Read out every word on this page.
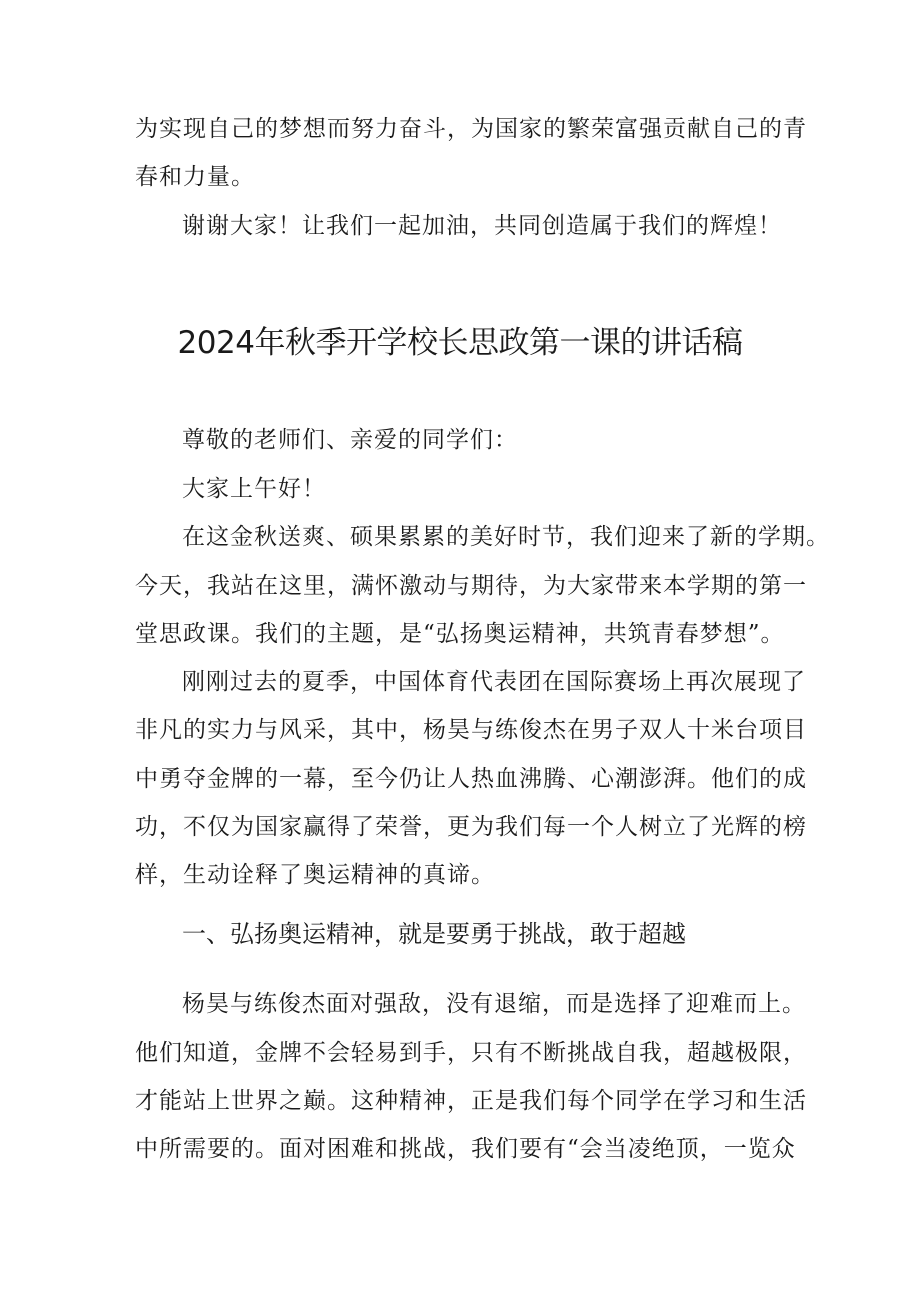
为实现自己的梦想而努力奋斗，为国家的繁荣富强贡献自己的青
春和力量。
谢谢大家！让我们一起加油，共同创造属于我们的辉煌！
2024年秋季开学校长思政第一课的讲话稿
尊敬的老师们、亲爱的同学们：
大家上午好！
在这金秋送爽、硕果累累的美好时节，我们迎来了新的学期。
今天，我站在这里，满怀激动与期待，为大家带来本学期的第一
堂思政课。我们的主题，是“弘扬奥运精神，共筑青春梦想”。
刚刚过去的夏季，中国体育代表团在国际赛场上再次展现了
非凡的实力与风采，其中，杨昊与练俊杰在男子双人十米台项目
中勇夺金牌的一幕，至今仍让人热血沸腾、心潮澎湃。他们的成
功，不仅为国家赢得了荣誉，更为我们每一个人树立了光辉的榜
样，生动诠释了奥运精神的真谛。
一、弘扬奥运精神，就是要勇于挑战，敢于超越
杨昊与练俊杰面对强敌，没有退缩，而是选择了迎难而上。
他们知道，金牌不会轻易到手，只有不断挑战自我，超越极限，
才能站上世界之巅。这种精神，正是我们每个同学在学习和生活
中所需要的。面对困难和挑战，我们要有“会当凌绝顶，一览众
